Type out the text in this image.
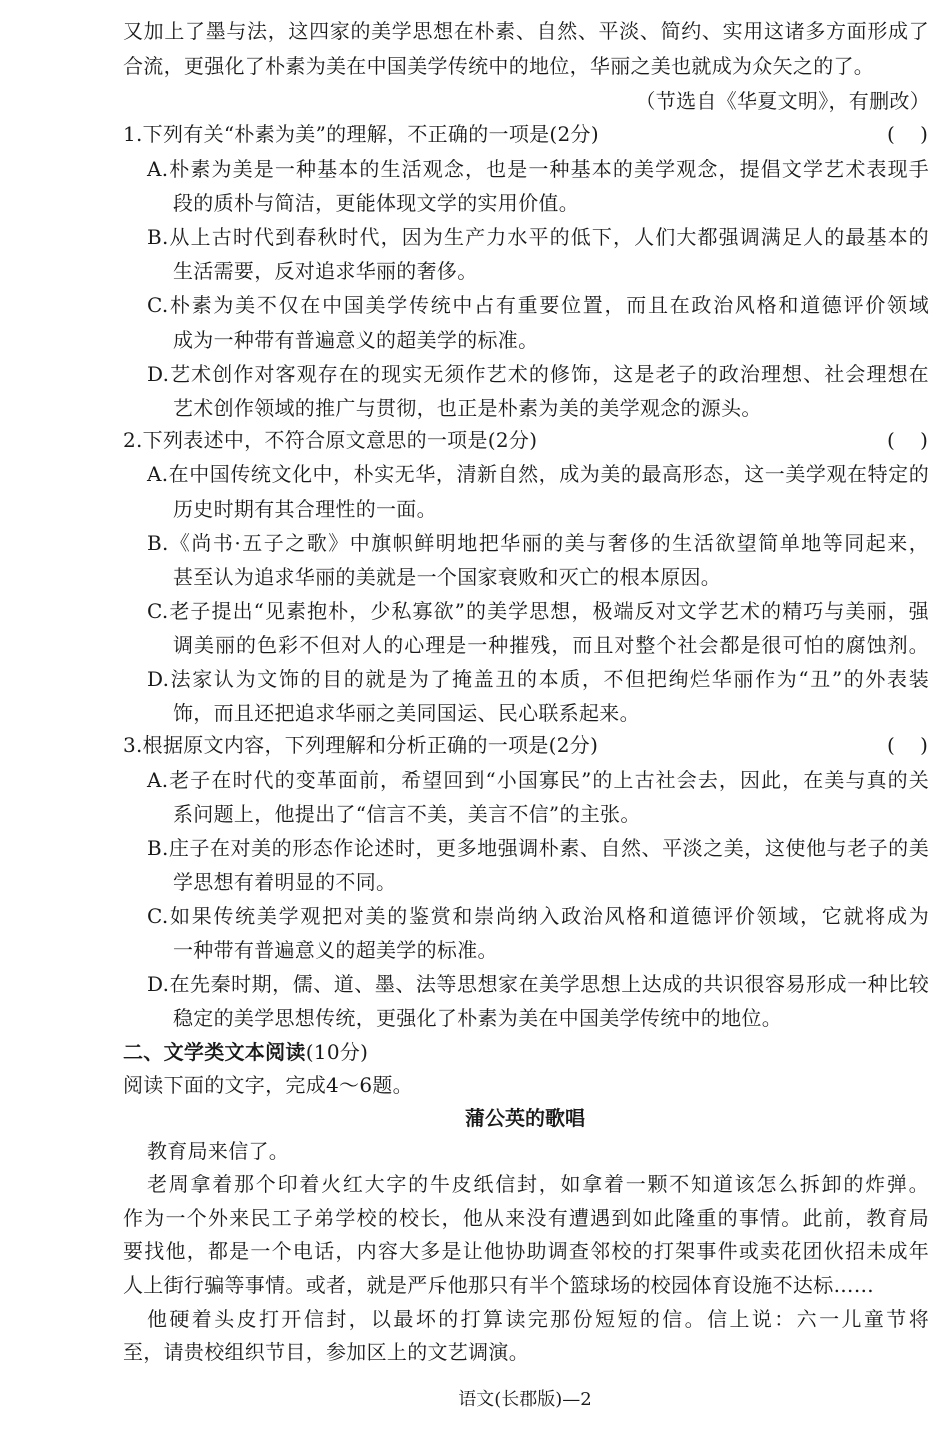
又加上了墨与法，这四家的美学思想在朴素、自然、平淡、简约、实用这诸多方面形成了
合流，更强化了朴素为美在中国美学传统中的地位，华丽之美也就成为众矢之的了。
（节选自《华夏文明》，有删改）
1.下列有关“朴素为美”的理解，不正确的一项是(2分)	(    )
A.朴素为美是一种基本的生活观念，也是一种基本的美学观念，提倡文学艺术表现手
段的质朴与简洁，更能体现文学的实用价值。
B.从上古时代到春秋时代，因为生产力水平的低下，人们大都强调满足人的最基本的
生活需要，反对追求华丽的奢侈。
C.朴素为美不仅在中国美学传统中占有重要位置，而且在政治风格和道德评价领域
成为一种带有普遍意义的超美学的标准。
D.艺术创作对客观存在的现实无须作艺术的修饰，这是老子的政治理想、社会理想在
艺术创作领域的推广与贯彻，也正是朴素为美的美学观念的源头。
2.下列表述中，不符合原文意思的一项是(2分)	(    )
A.在中国传统文化中，朴实无华，清新自然，成为美的最高形态，这一美学观在特定的
历史时期有其合理性的一面。
B.《尚书·五子之歌》中旗帜鲜明地把华丽的美与奢侈的生活欲望简单地等同起来，
甚至认为追求华丽的美就是一个国家衰败和灭亡的根本原因。
C.老子提出“见素抱朴，少私寡欲”的美学思想，极端反对文学艺术的精巧与美丽，强
调美丽的色彩不但对人的心理是一种摧残，而且对整个社会都是很可怕的腐蚀剂。
D.法家认为文饰的目的就是为了掩盖丑的本质，不但把绚烂华丽作为“丑”的外表装
饰，而且还把追求华丽之美同国运、民心联系起来。
3.根据原文内容，下列理解和分析正确的一项是(2分)	(    )
A.老子在时代的变革面前，希望回到“小国寡民”的上古社会去，因此，在美与真的关
系问题上，他提出了“信言不美，美言不信”的主张。
B.庄子在对美的形态作论述时，更多地强调朴素、自然、平淡之美，这使他与老子的美
学思想有着明显的不同。
C.如果传统美学观把对美的鉴赏和崇尚纳入政治风格和道德评价领域，它就将成为
一种带有普遍意义的超美学的标准。
D.在先秦时期，儒、道、墨、法等思想家在美学思想上达成的共识很容易形成一种比较
稳定的美学思想传统，更强化了朴素为美在中国美学传统中的地位。
二、文学类文本阅读(10分)
阅读下面的文字，完成4～6题。
蒲公英的歌唱
教育局来信了。
老周拿着那个印着火红大字的牛皮纸信封，如拿着一颗不知道该怎么拆卸的炸弹。
作为一个外来民工子弟学校的校长，他从来没有遭遇到如此隆重的事情。此前，教育局
要找他，都是一个电话，内容大多是让他协助调查邻校的打架事件或卖花团伙招未成年
人上街行骗等事情。或者，就是严斥他那只有半个篮球场的校园体育设施不达标……
他硬着头皮打开信封，以最坏的打算读完那份短短的信。信上说：六一儿童节将
至，请贵校组织节目，参加区上的文艺调演。
语文(长郡版)—2
